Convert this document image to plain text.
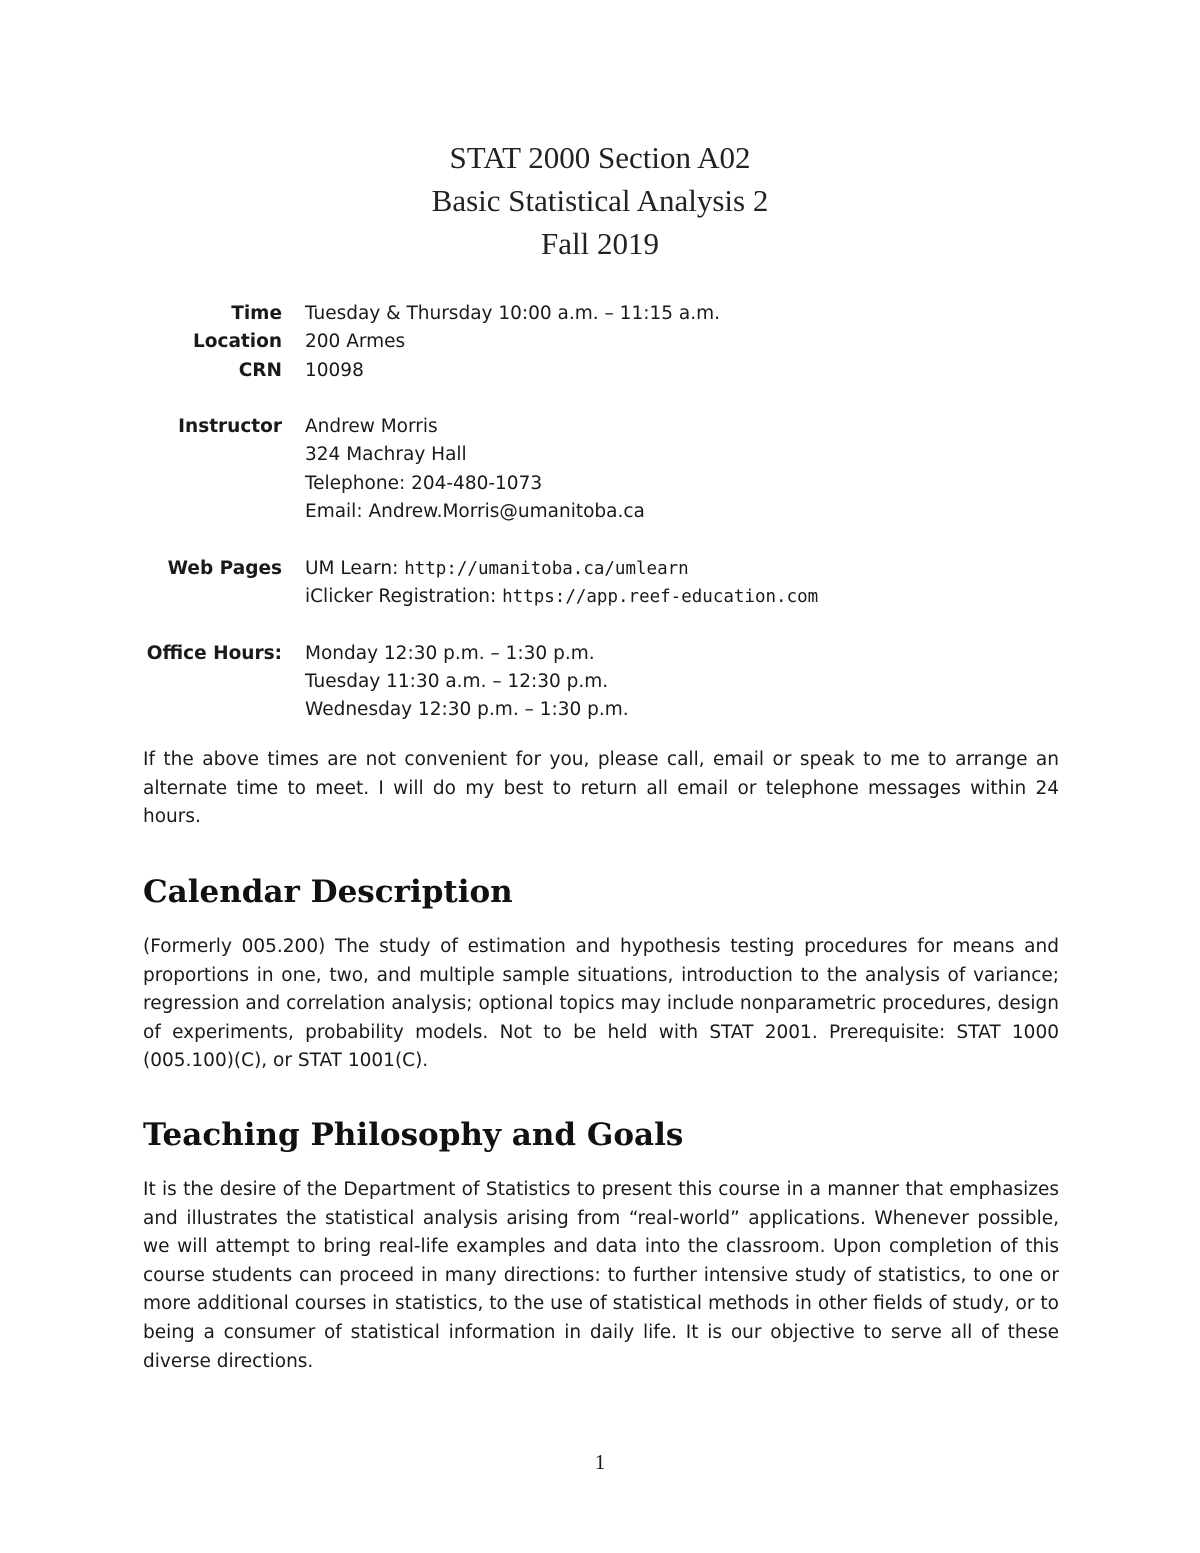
STAT 2000 Section A02
Basic Statistical Analysis 2
Fall 2019
Time	Tuesday & Thursday 10:00 a.m. – 11:15 a.m.
Location	200 Armes
CRN	10098
Instructor	Andrew Morris
324 Machray Hall
Telephone: 204-480-1073
Email: Andrew.Morris@umanitoba.ca
Web Pages	UM Learn: http://umanitoba.ca/umlearn
iClicker Registration: https://app.reef-education.com
Office Hours:	Monday 12:30 p.m. – 1:30 p.m.
Tuesday 11:30 a.m. – 12:30 p.m.
Wednesday 12:30 p.m. – 1:30 p.m.
If the above times are not convenient for you, please call, email or speak to me to arrange an alternate time to meet. I will do my best to return all email or telephone messages within 24 hours.
Calendar Description
(Formerly 005.200) The study of estimation and hypothesis testing procedures for means and proportions in one, two, and multiple sample situations, introduction to the analysis of variance; regression and correlation analysis; optional topics may include nonparametric procedures, design of experiments, probability models. Not to be held with STAT 2001. Prerequisite: STAT 1000 (005.100)(C), or STAT 1001(C).
Teaching Philosophy and Goals
It is the desire of the Department of Statistics to present this course in a manner that emphasizes and illustrates the statistical analysis arising from “real-world” applications. Whenever possible, we will attempt to bring real-life examples and data into the classroom. Upon completion of this course students can proceed in many directions: to further intensive study of statistics, to one or more additional courses in statistics, to the use of statistical methods in other fields of study, or to being a consumer of statistical information in daily life. It is our objective to serve all of these diverse directions.
1
